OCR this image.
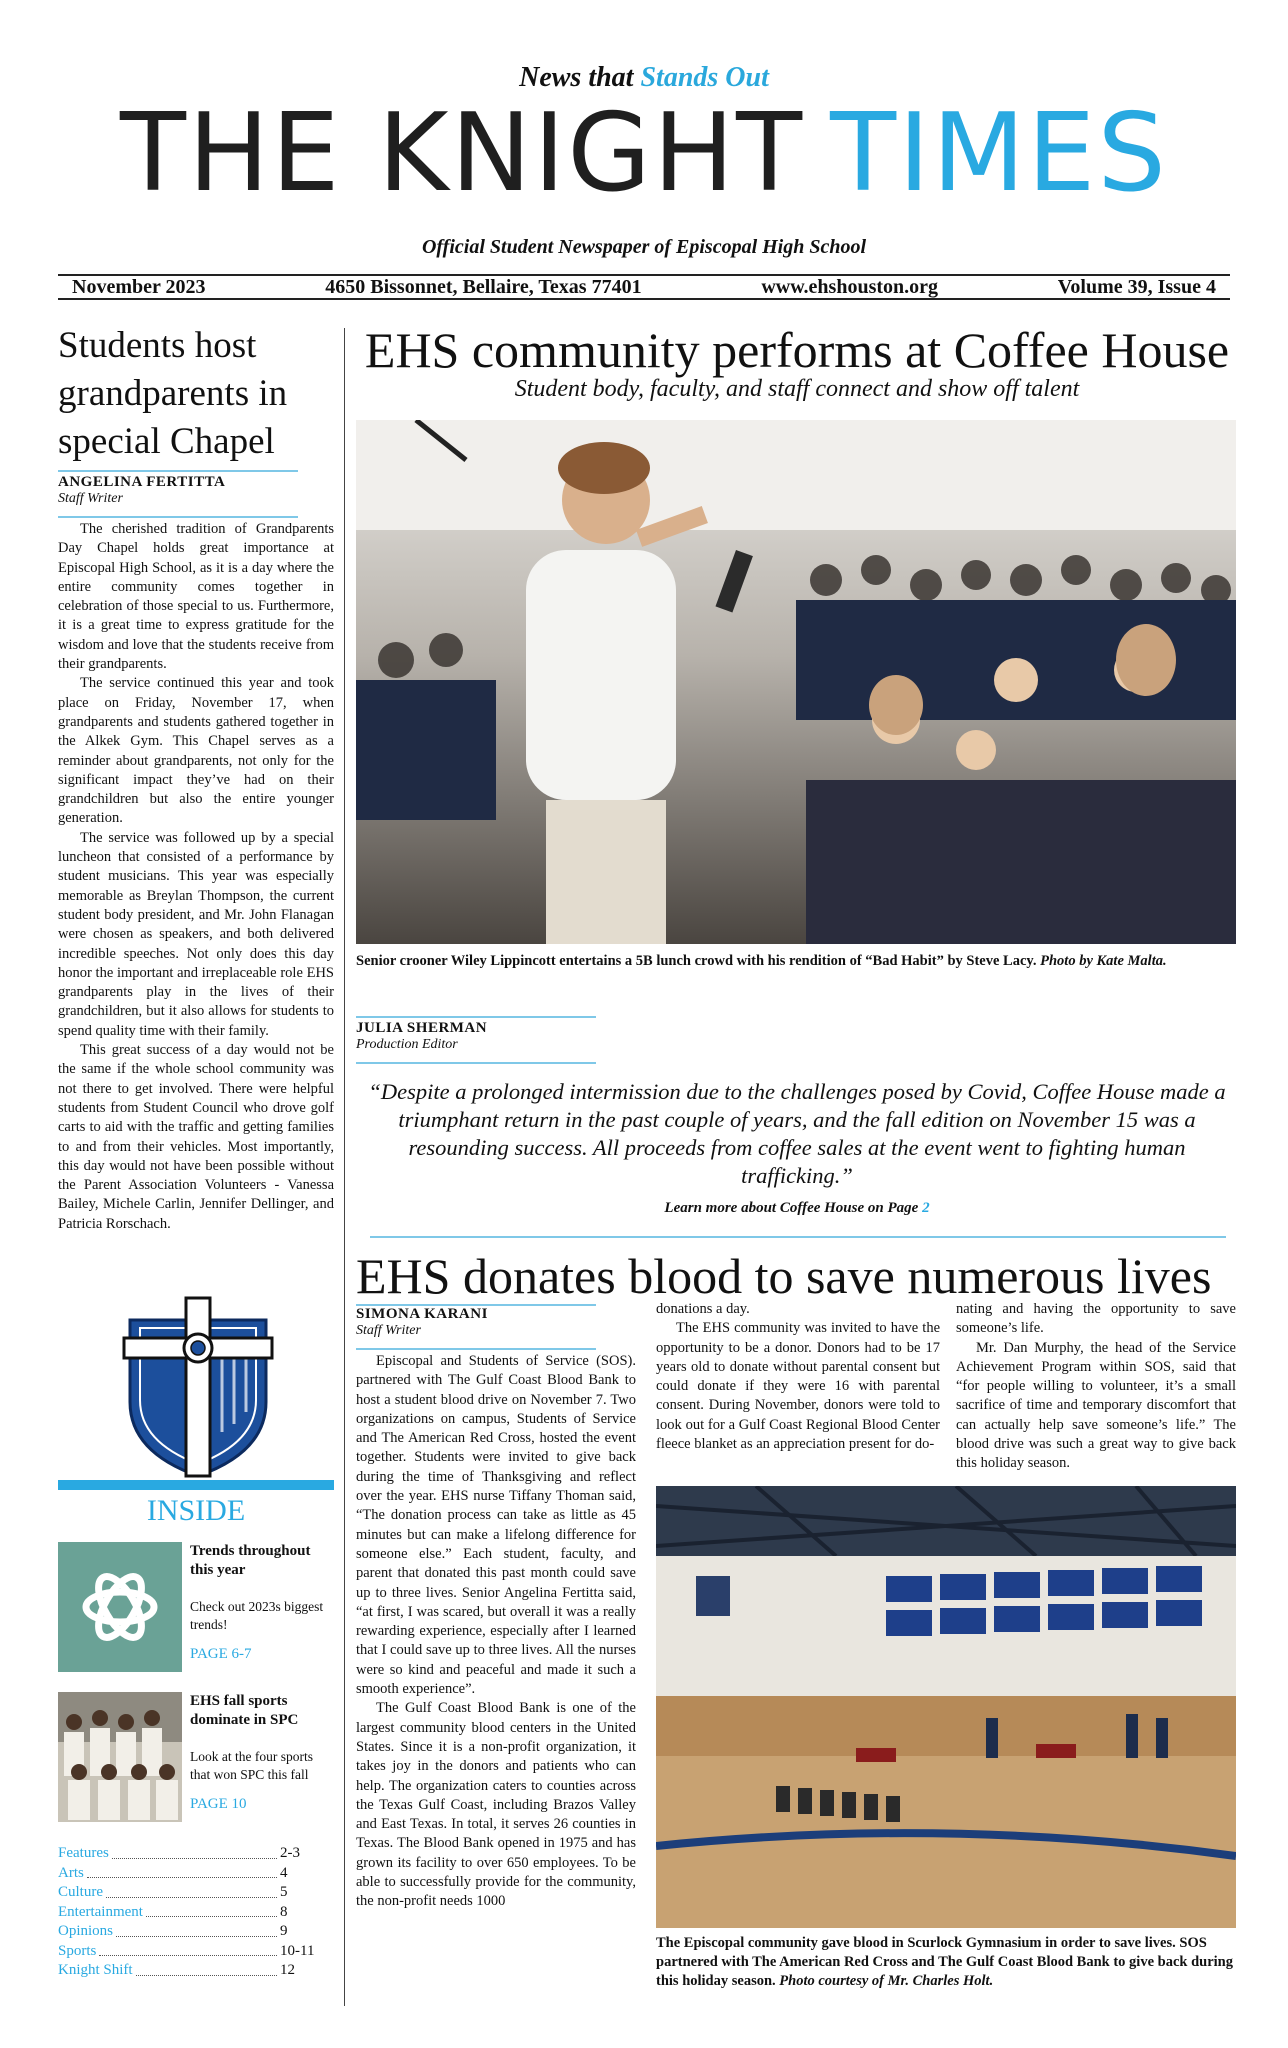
News that Stands Out
THE KNIGHT TIMES
Official Student Newspaper of Episcopal High School
November 2023	4650 Bissonnet, Bellaire, Texas 77401	www.ehshouston.org	Volume 39, Issue 4
Students host grandparents in special Chapel
ANGELINA FERTITTA
Staff Writer

The cherished tradition of Grandparents Day Chapel holds great importance at Episcopal High School, as it is a day where the entire community comes together in celebration of those special to us. Furthermore, it is a great time to express gratitude for the wisdom and love that the students receive from their grandparents.

The service continued this year and took place on Friday, November 17, when grandparents and students gathered together in the Alkek Gym. This Chapel serves as a reminder about grandparents, not only for the significant impact they’ve had on their grandchildren but also the entire younger generation.

The service was followed up by a special luncheon that consisted of a performance by student musicians. This year was especially memorable as Breylan Thompson, the current student body president, and Mr. John Flanagan were chosen as speakers, and both delivered incredible speeches. Not only does this day honor the important and irreplaceable role EHS grandparents play in the lives of their grandchildren, but it also allows for students to spend quality time with their family.

This great success of a day would not be the same if the whole school community was not there to get involved. There were helpful students from Student Council who drove golf carts to aid with the traffic and getting families to and from their vehicles. Most importantly, this day would not have been possible without the Parent Association Volunteers - Vanessa Bailey, Michele Carlin, Jennifer Dellinger, and Patricia Rorschach.

INSIDE
Trends throughout this year
Check out 2023s biggest trends!
PAGE 6-7
EHS fall sports dominate in SPC
Look at the four sports that won SPC this fall
PAGE 10
Features	2-3
Arts	4
Culture	5
Entertainment	8
Opinions	9
Sports	10-11
Knight Shift	12
EHS community performs at Coffee House
Student body, faculty, and staff connect and show off talent
Senior crooner Wiley Lippincott entertains a 5B lunch crowd with his rendition of “Bad Habit” by Steve Lacy. Photo by Kate Malta.
JULIA SHERMAN
Production Editor
“Despite a prolonged intermission due to the challenges posed by Covid, Coffee House made a triumphant return in the past couple of years, and the fall edition on November 15 was a resounding success. All proceeds from coffee sales at the event went to fighting human trafficking.”
Learn more about Coffee House on Page 2
EHS donates blood to save numerous lives
SIMONA KARANI
Staff Writer

Episcopal and Students of Service (SOS). partnered with The Gulf Coast Blood Bank to host a student blood drive on November 7. Two organizations on campus, Students of Service and The American Red Cross, hosted the event together. Students were invited to give back during the time of Thanksgiving and reflect over the year. EHS nurse Tiffany Thoman said, “The donation process can take as little as 45 minutes but can make a lifelong difference for someone else.” Each student, faculty, and parent that donated this past month could save up to three lives. Senior Angelina Fertitta said, “at first, I was scared, but overall it was a really rewarding experience, especially after I learned that I could save up to three lives. All the nurses were so kind and peaceful and made it such a smooth experience”.

The Gulf Coast Blood Bank is one of the largest community blood centers in the United States. Since it is a non-profit organization, it takes joy in the donors and patients who can help. The organization caters to counties across the Texas Gulf Coast, including Brazos Valley and East Texas. In total, it serves 26 counties in Texas. The Blood Bank opened in 1975 and has grown its facility to over 650 employees. To be able to successfully provide for the community, the non-profit needs 1000

donations a day.

The EHS community was invited to have the opportunity to be a donor. Donors had to be 17 years old to donate without parental consent but could donate if they were 16 with parental consent. During November, donors were told to look out for a Gulf Coast Regional Blood Center fleece blanket as an appreciation present for do-

nating and having the opportunity to save someone’s life.

Mr. Dan Murphy, the head of the Service Achievement Program within SOS, said that “for people willing to volunteer, it’s a small sacrifice of time and temporary discomfort that can actually help save someone’s life.” The blood drive was such a great way to give back this holiday season.

The Episcopal community gave blood in Scurlock Gymnasium in order to save lives. SOS partnered with The American Red Cross and The Gulf Coast Blood Bank to give back during this holiday season. Photo courtesy of Mr. Charles Holt.
